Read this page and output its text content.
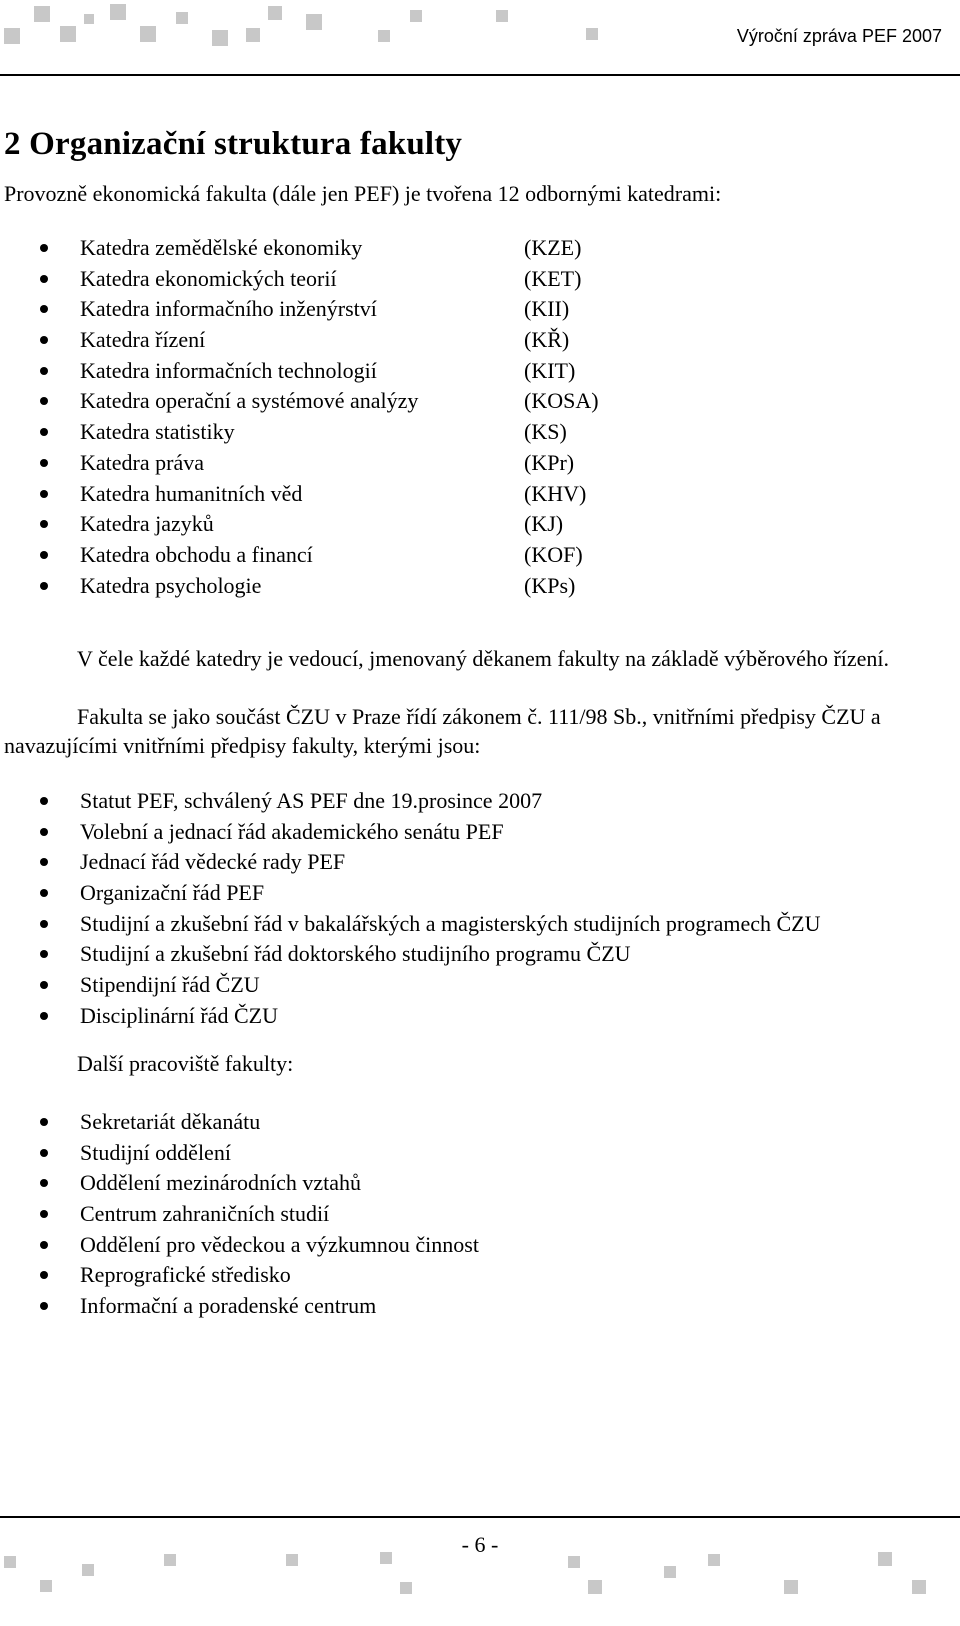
Výroční zpráva PEF 2007
2 Organizační struktura fakulty
Provozně ekonomická fakulta (dále jen PEF) je tvořena 12 odbornými katedrami:
Katedra zemědělské ekonomiky	(KZE)
Katedra ekonomických teorií	(KET)
Katedra informačního inženýrství	(KII)
Katedra řízení	(KŘ)
Katedra informačních technologií	(KIT)
Katedra operační a systémové analýzy	(KOSA)
Katedra statistiky	(KS)
Katedra práva	(KPr)
Katedra humanitních věd	(KHV)
Katedra jazyků	(KJ)
Katedra obchodu a financí	(KOF)
Katedra psychologie	(KPs)
V čele každé katedry je vedoucí, jmenovaný děkanem fakulty na základě výběrového řízení.
Fakulta se jako součást ČZU v Praze řídí zákonem č. 111/98 Sb., vnitřními předpisy ČZU a navazujícími vnitřními předpisy fakulty, kterými jsou:
Statut PEF, schválený AS PEF dne 19.prosince 2007
Volební a jednací řád akademického senátu PEF
Jednací řád vědecké rady PEF
Organizační řád PEF
Studijní a zkušební řád v bakalářských a magisterských studijních programech ČZU
Studijní a zkušební řád doktorského studijního programu ČZU
Stipendijní řád ČZU
Disciplinární řád ČZU
Další pracoviště fakulty:
Sekretariát děkanátu
Studijní oddělení
Oddělení mezinárodních vztahů
Centrum zahraničních studií
Oddělení pro vědeckou a výzkumnou činnost
Reprografické středisko
Informační a poradenské centrum
- 6 -
